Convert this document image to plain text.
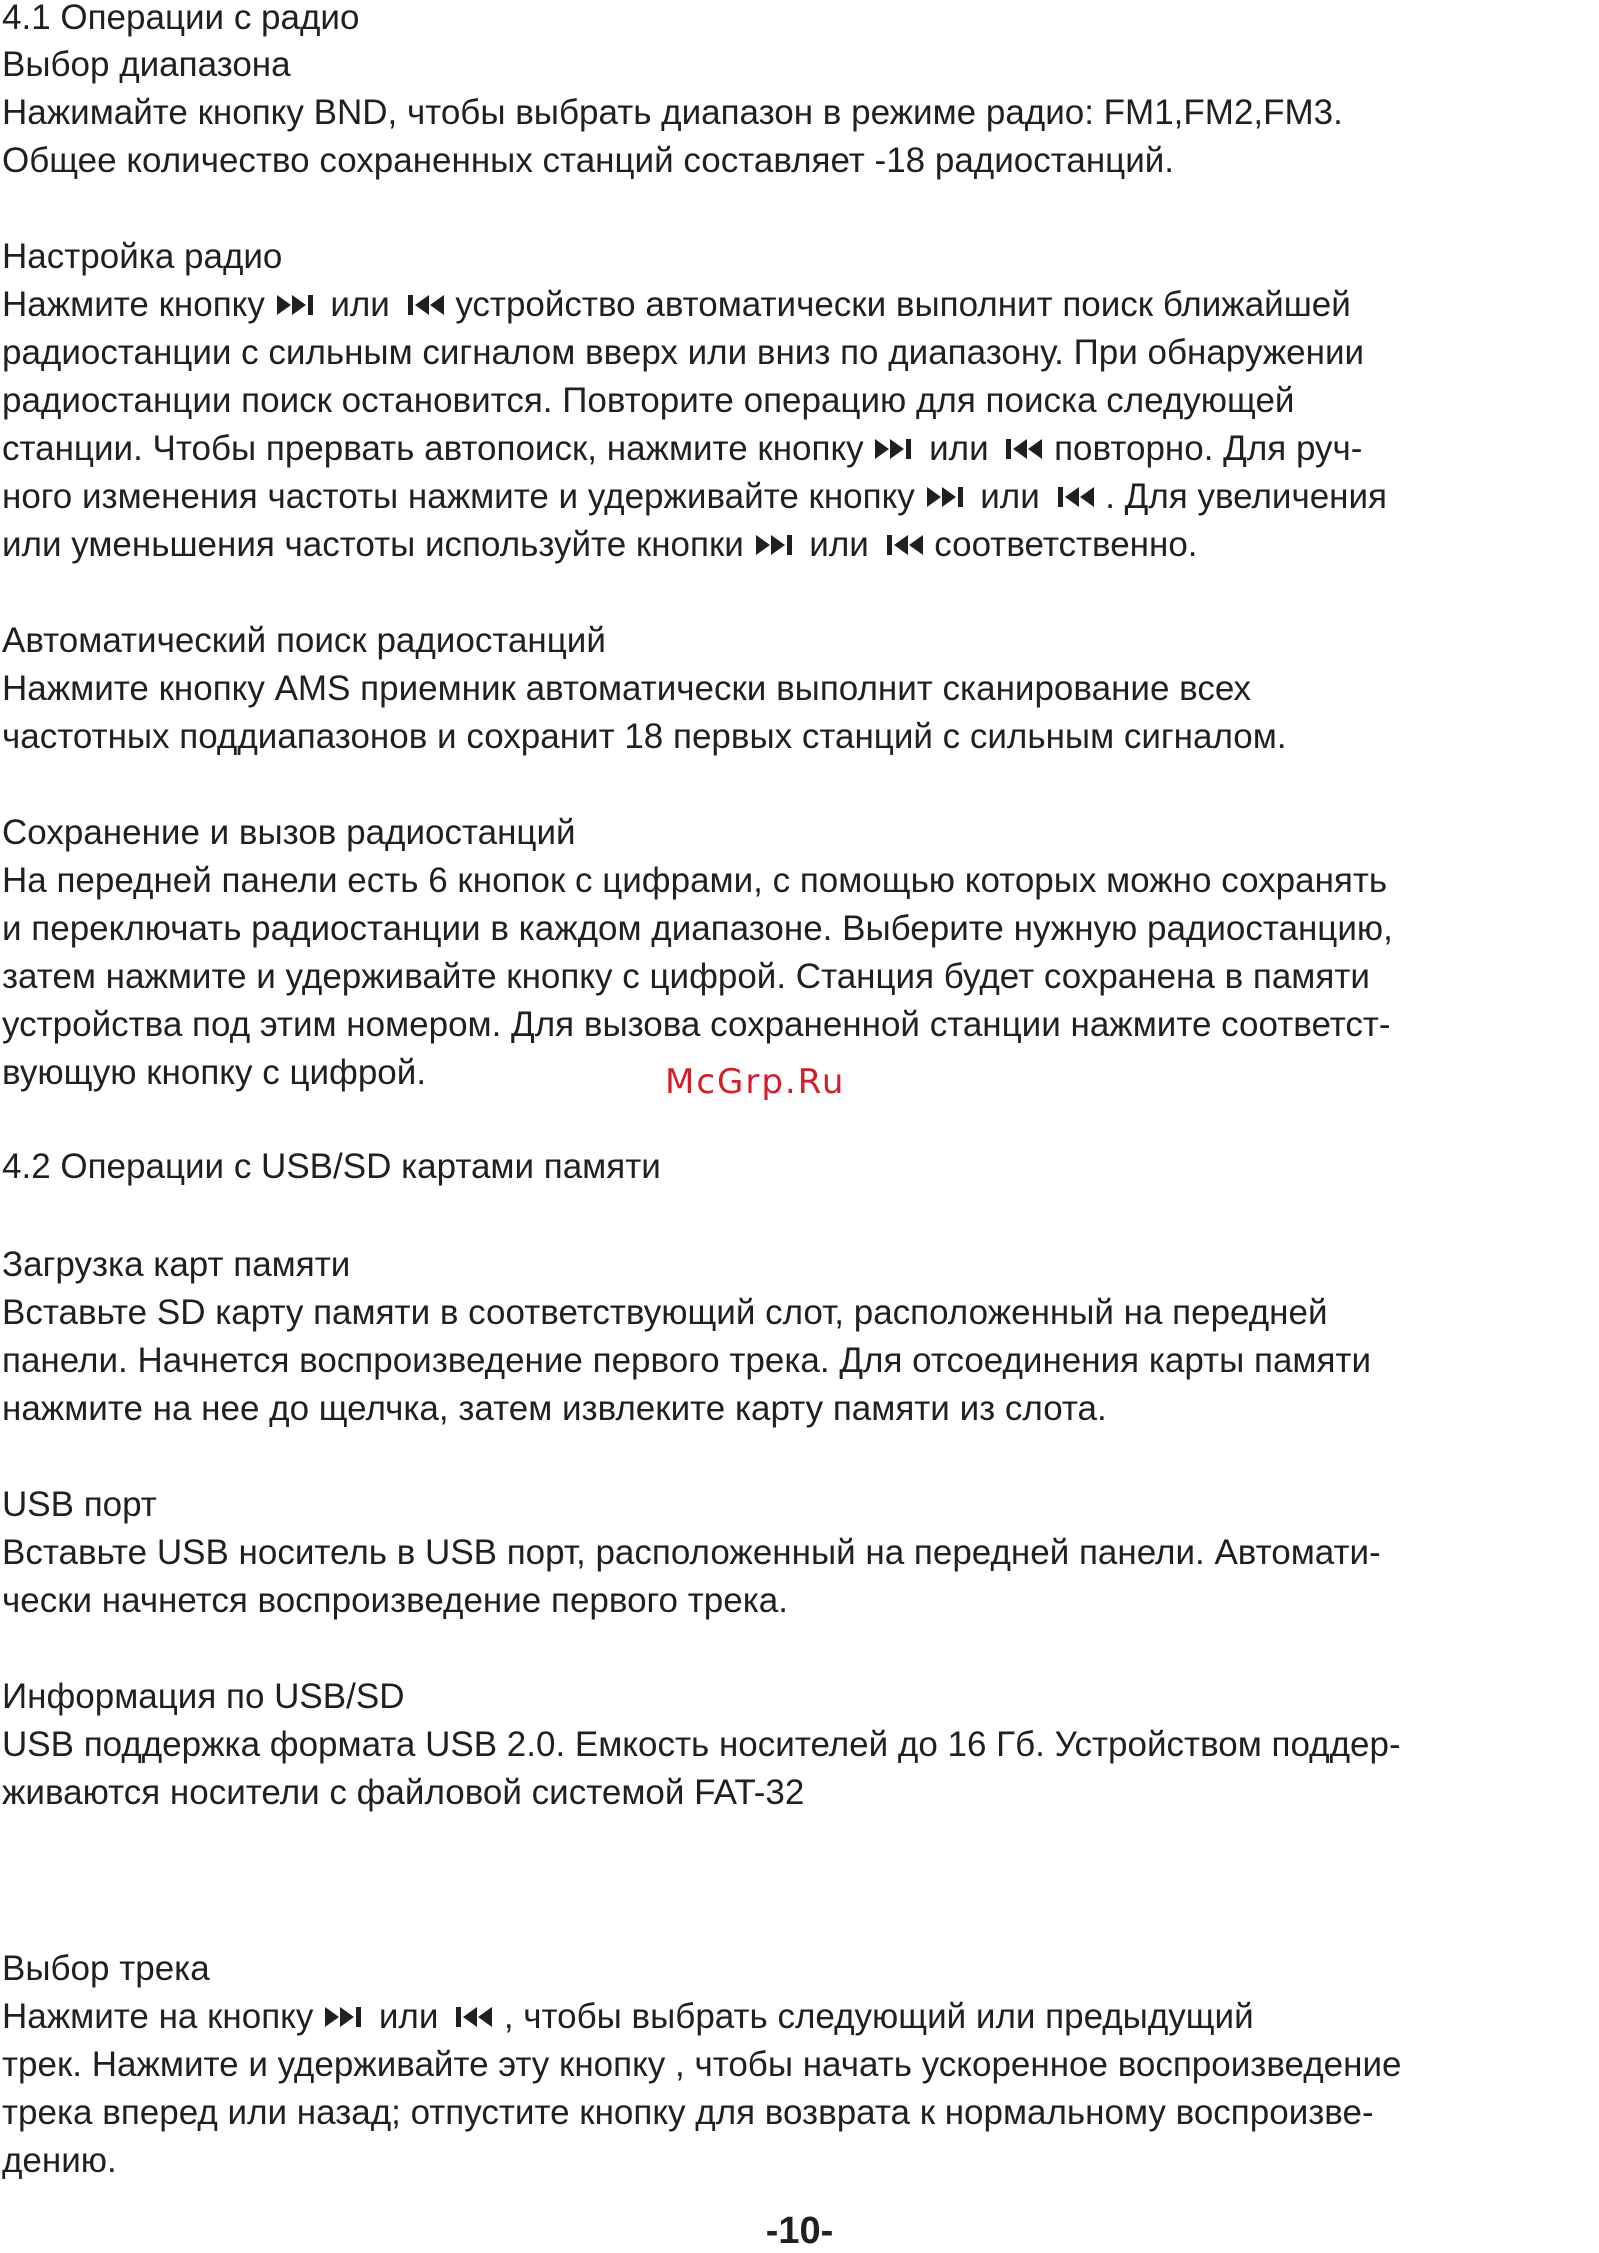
4.1 Операции с радио
Выбор диапазона
Нажимайте кнопку BND, чтобы выбрать диапазон в режиме радио: FM1,FM2,FM3.
Общее количество сохраненных станций составляет -18 радиостанций.
Настройка радио
Нажмите кнопку
или
устройство автоматически выполнит поиск ближайшей
радиостанции с сильным сигналом вверх или вниз по диапазону. При обнаружении
радиостанции поиск остановится. Повторите операцию для поиска следующей
станции. Чтобы прервать автопоиск, нажмите кнопку
или
повторно. Для руч-
ного изменения частоты нажмите и удерживайте кнопку
или
. Для увеличения
или уменьшения частоты используйте кнопки
или
соответственно.
Автоматический поиск радиостанций
Нажмите кнопку AMS приемник автоматически выполнит сканирование всех
частотных поддиапазонов и сохранит 18 первых станций с сильным сигналом.
Сохранение и вызов радиостанций
На передней панели есть 6 кнопок с цифрами, с помощью которых можно сохранять
и переключать радиостанции в каждом диапазоне. Выберите нужную радиостанцию,
затем нажмите и удерживайте кнопку с цифрой. Станция будет сохранена в памяти
устройства под этим номером. Для вызова сохраненной станции нажмите соответст-
вующую кнопку с цифрой.	McGrp.Ru
4.2 Операции с USB/SD картами памяти
Загрузка карт памяти
Вставьте SD карту памяти в соответствующий слот, расположенный на передней
панели. Начнется воспроизведение первого трека. Для отсоединения карты памяти
нажмите на нее до щелчка, затем извлеките карту памяти из слота.
USB порт
Вставьте USB носитель в USB порт, расположенный на передней панели. Автомати-
чески начнется воспроизведение первого трека.
Информация по USB/SD
USB поддержка формата USB 2.0. Емкость носителей до 16 Гб. Устройством поддер-
живаются носители с файловой системой FAT-32
Выбор трека
Нажмите на кнопку
или
, чтобы выбрать следующий или предыдущий
трек. Нажмите и удерживайте эту кнопку , чтобы начать ускоренное воспроизведение
трека вперед или назад; отпустите кнопку для возврата к нормальному воспроизве-
дению.
-10-
